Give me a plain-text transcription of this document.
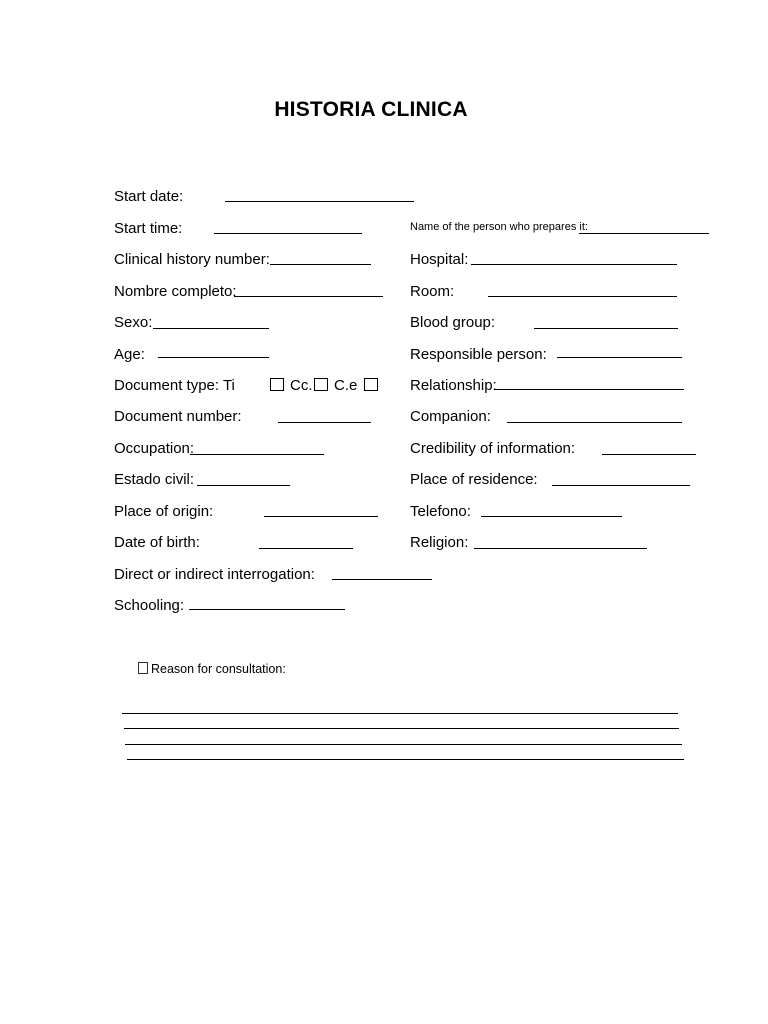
HISTORIA CLINICA
Start date:
Start time:
Clinical history number:
Nombre completo:
Sexo:
Age:
Document type: Ti	Cc. C.e
Document number:
Occupation:
Estado civil:
Place of origin:
Date of birth:
Direct or indirect interrogation:
Schooling:
Name of the person who prepares it:
Hospital:
Room:
Blood group:
Responsible person:
Relationship:
Companion:
Credibility of information:
Place of residence:
Telefono:
Religion:
Reason for consultation:
